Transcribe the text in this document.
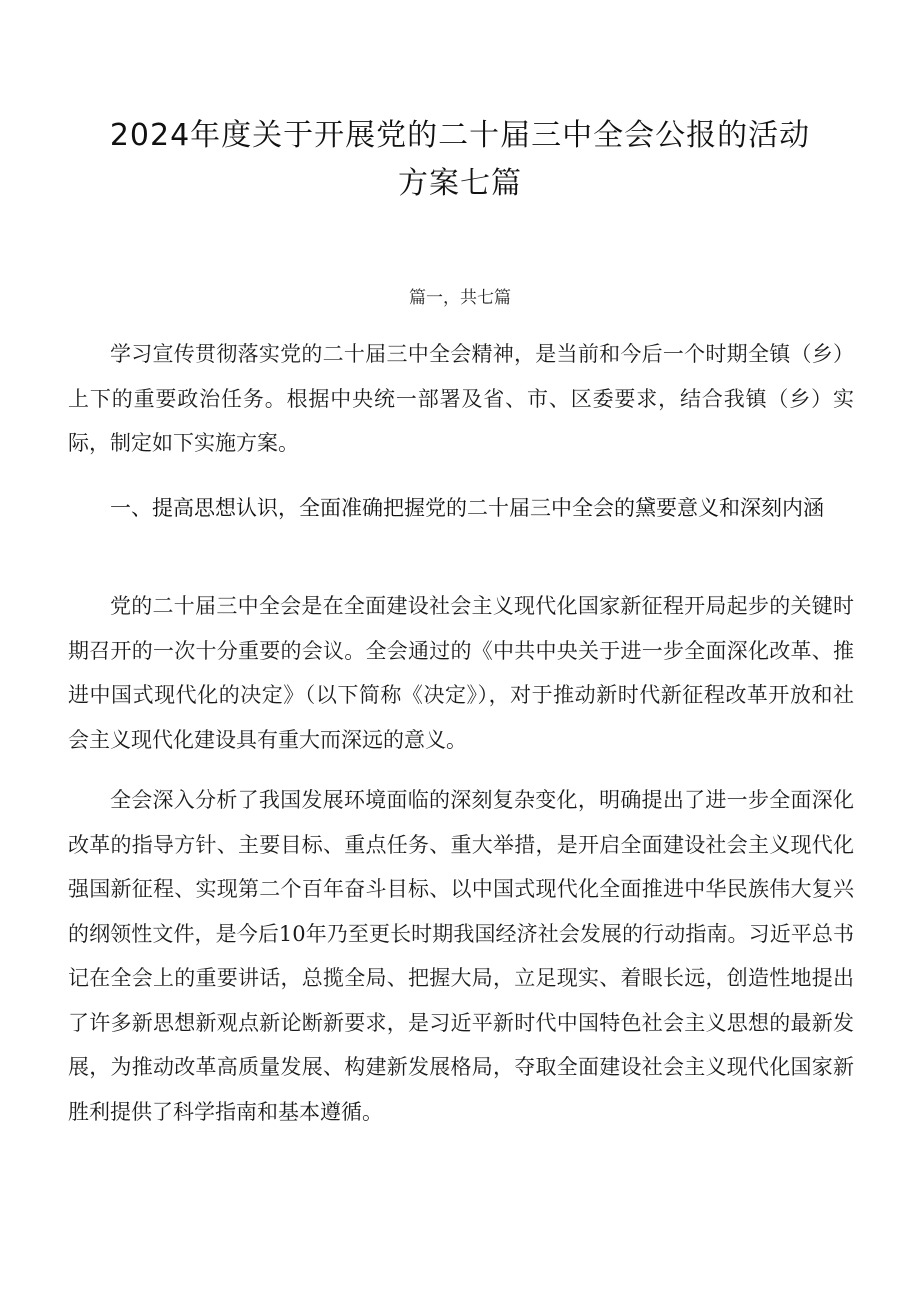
2024年度关于开展党的二十届三中全会公报的活动
方案七篇
篇一，共七篇

学习宣传贯彻落实党的二十届三中全会精神，是当前和今后一个时期全镇（乡）上下的重要政治任务。根据中央统一部署及省、市、区委要求，结合我镇（乡）实际，制定如下实施方案。

一、提高思想认识，全面准确把握党的二十届三中全会的黛要意义和深刻内涵

党的二十届三中全会是在全面建设社会主义现代化国家新征程开局起步的关键时期召开的一次十分重要的会议。全会通过的《中共中央关于进一步全面深化改革、推进中国式现代化的决定》（以下简称《决定》），对于推动新时代新征程改革开放和社会主义现代化建设具有重大而深远的意义。

全会深入分析了我国发展环境面临的深刻复杂变化，明确提出了进一步全面深化改革的指导方针、主要目标、重点任务、重大举措，是开启全面建设社会主义现代化强国新征程、实现第二个百年奋斗目标、以中国式现代化全面推进中华民族伟大复兴的纲领性文件，是今后10年乃至更长时期我国经济社会发展的行动指南。习近平总书记在全会上的重要讲话，总揽全局、把握大局，立足现实、着眼长远，创造性地提出了许多新思想新观点新论断新要求，是习近平新时代中国特色社会主义思想的最新发展，为推动改革高质量发展、构建新发展格局，夺取全面建设社会主义现代化国家新胜利提供了科学指南和基本遵循。
